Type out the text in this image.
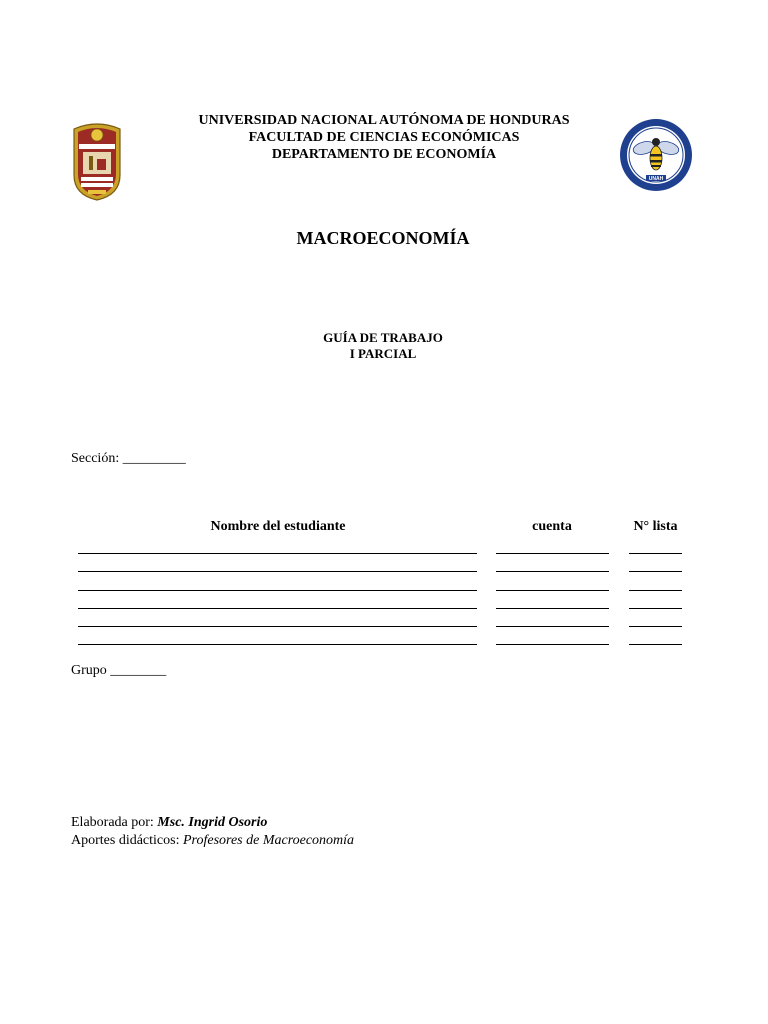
UNIVERSIDAD NACIONAL AUTÓNOMA DE HONDURAS
FACULTAD DE CIENCIAS ECONÓMICAS
DEPARTAMENTO DE ECONOMÍA
UNAH
MACROECONOMÍA
GUÍA DE TRABAJO
I PARCIAL
Sección: _________
Nombre del estudiante	cuenta	N° lista
Grupo ________
Elaborada por: Msc. Ingrid Osorio
Aportes didácticos: Profesores de Macroeconomía
